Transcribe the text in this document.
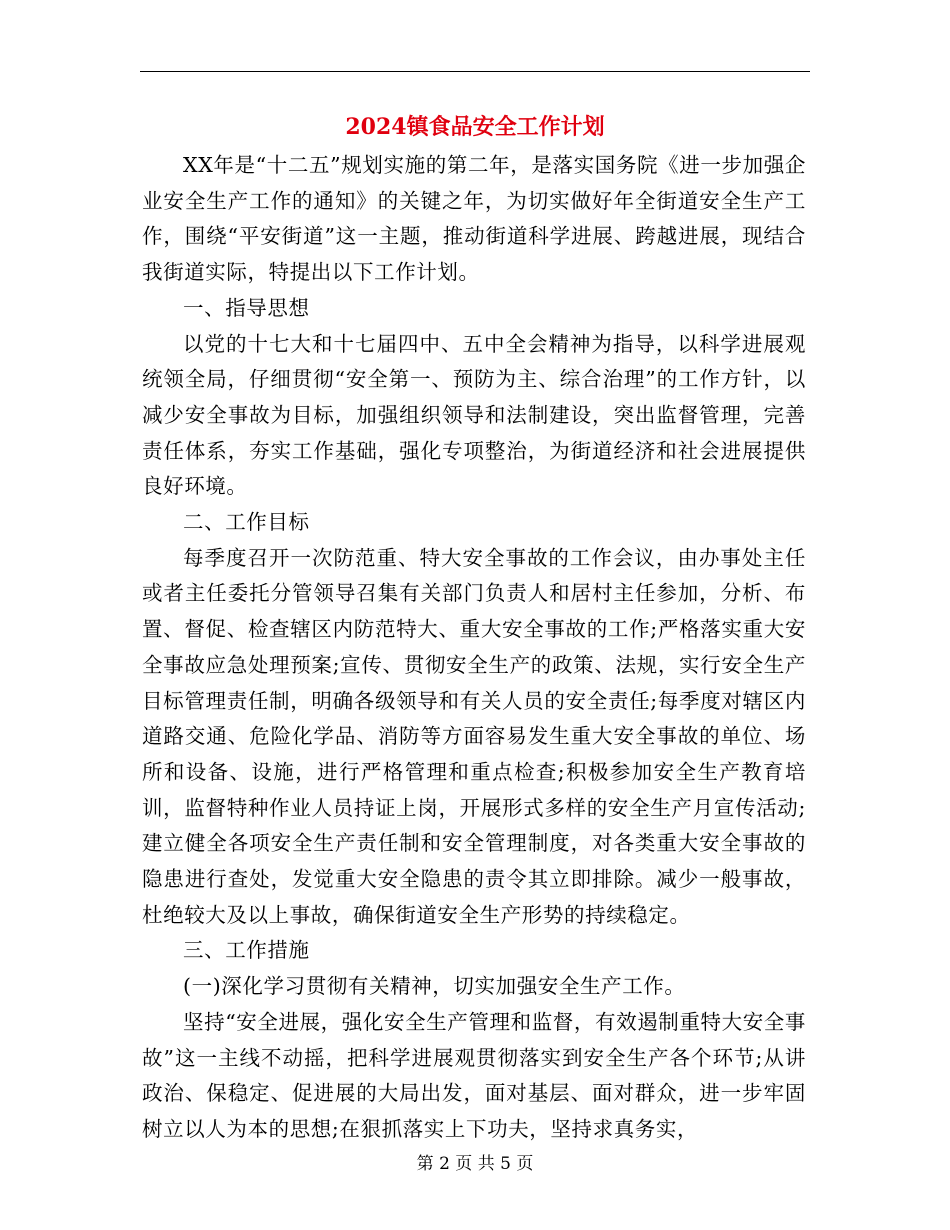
2024镇食品安全工作计划

XX年是“十二五”规划实施的第二年，是落实国务院《进一步加强企业安全生产工作的通知》的关键之年，为切实做好年全街道安全生产工作，围绕“平安街道”这一主题，推动街道科学进展、跨越进展，现结合我街道实际，特提出以下工作计划。

一、指导思想

以党的十七大和十七届四中、五中全会精神为指导，以科学进展观统领全局，仔细贯彻“安全第一、预防为主、综合治理”的工作方针，以减少安全事故为目标，加强组织领导和法制建设，突出监督管理，完善责任体系，夯实工作基础，强化专项整治，为街道经济和社会进展提供良好环境。

二、工作目标

每季度召开一次防范重、特大安全事故的工作会议，由办事处主任或者主任委托分管领导召集有关部门负责人和居村主任参加，分析、布置、督促、检查辖区内防范特大、重大安全事故的工作;严格落实重大安全事故应急处理预案;宣传、贯彻安全生产的政策、法规，实行安全生产目标管理责任制，明确各级领导和有关人员的安全责任;每季度对辖区内道路交通、危险化学品、消防等方面容易发生重大安全事故的单位、场所和设备、设施，进行严格管理和重点检查;积极参加安全生产教育培训，监督特种作业人员持证上岗，开展形式多样的安全生产月宣传活动;建立健全各项安全生产责任制和安全管理制度，对各类重大安全事故的隐患进行查处，发觉重大安全隐患的责令其立即排除。减少一般事故，杜绝较大及以上事故，确保街道安全生产形势的持续稳定。

三、工作措施

(一)深化学习贯彻有关精神，切实加强安全生产工作。

坚持“安全进展，强化安全生产管理和监督，有效遏制重特大安全事故”这一主线不动摇，把科学进展观贯彻落实到安全生产各个环节;从讲政治、保稳定、促进展的大局出发，面对基层、面对群众，进一步牢固树立以人为本的思想;在狠抓落实上下功夫，坚持求真务实，

第 2 页 共 5 页
